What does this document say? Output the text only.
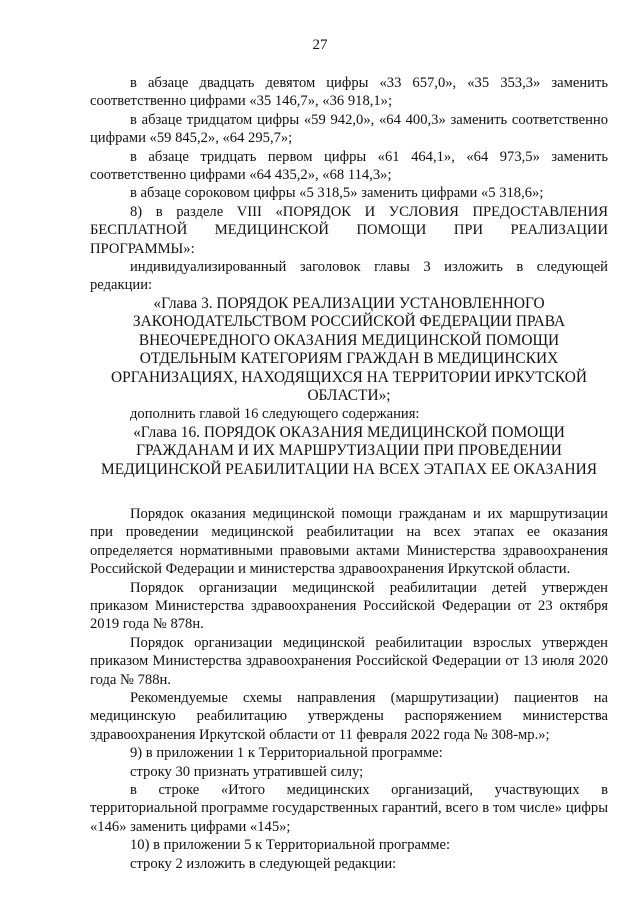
27

в абзаце двадцать девятом цифры «33 657,0», «35 353,3» заменить соответственно цифрами «35 146,7», «36 918,1»;

в абзаце тридцатом цифры «59 942,0», «64 400,3» заменить соответственно цифрами «59 845,2», «64 295,7»;

в абзаце тридцать первом цифры «61 464,1», «64 973,5» заменить соответственно цифрами «64 435,2», «68 114,3»;

в абзаце сороковом цифры «5 318,5» заменить цифрами «5 318,6»;

8) в разделе VIII «ПОРЯДОК И УСЛОВИЯ ПРЕДОСТАВЛЕНИЯ БЕСПЛАТНОЙ МЕДИЦИНСКОЙ ПОМОЩИ ПРИ РЕАЛИЗАЦИИ ПРОГРАММЫ»:

индивидуализированный заголовок главы 3 изложить в следующей редакции:

«Глава 3. ПОРЯДОК РЕАЛИЗАЦИИ УСТАНОВЛЕННОГО ЗАКОНОДАТЕЛЬСТВОМ РОССИЙСКОЙ ФЕДЕРАЦИИ ПРАВА ВНЕОЧЕРЕДНОГО ОКАЗАНИЯ МЕДИЦИНСКОЙ ПОМОЩИ ОТДЕЛЬНЫМ КАТЕГОРИЯМ ГРАЖДАН В МЕДИЦИНСКИХ ОРГАНИЗАЦИЯХ, НАХОДЯЩИХСЯ НА ТЕРРИТОРИИ ИРКУТСКОЙ ОБЛАСТИ»;

дополнить главой 16 следующего содержания:

«Глава 16. ПОРЯДОК ОКАЗАНИЯ МЕДИЦИНСКОЙ ПОМОЩИ ГРАЖДАНАМ И ИХ МАРШРУТИЗАЦИИ ПРИ ПРОВЕДЕНИИ МЕДИЦИНСКОЙ РЕАБИЛИТАЦИИ НА ВСЕХ ЭТАПАХ ЕЕ ОКАЗАНИЯ

Порядок оказания медицинской помощи гражданам и их маршрутизации при проведении медицинской реабилитации на всех этапах ее оказания определяется нормативными правовыми актами Министерства здравоохранения Российской Федерации и министерства здравоохранения Иркутской области.

Порядок организации медицинской реабилитации детей утвержден приказом Министерства здравоохранения Российской Федерации от 23 октября 2019 года № 878н.

Порядок организации медицинской реабилитации взрослых утвержден приказом Министерства здравоохранения Российской Федерации от 13 июля 2020 года № 788н.

Рекомендуемые схемы направления (маршрутизации) пациентов на медицинскую реабилитацию утверждены распоряжением министерства здравоохранения Иркутской области от 11 февраля 2022 года № 308-мр.»;

9) в приложении 1 к Территориальной программе:

строку 30 признать утратившей силу;

в строке «Итого медицинских организаций, участвующих в территориальной программе государственных гарантий, всего в том числе» цифры «146» заменить цифрами «145»;

10) в приложении 5 к Территориальной программе:

строку 2 изложить в следующей редакции:
